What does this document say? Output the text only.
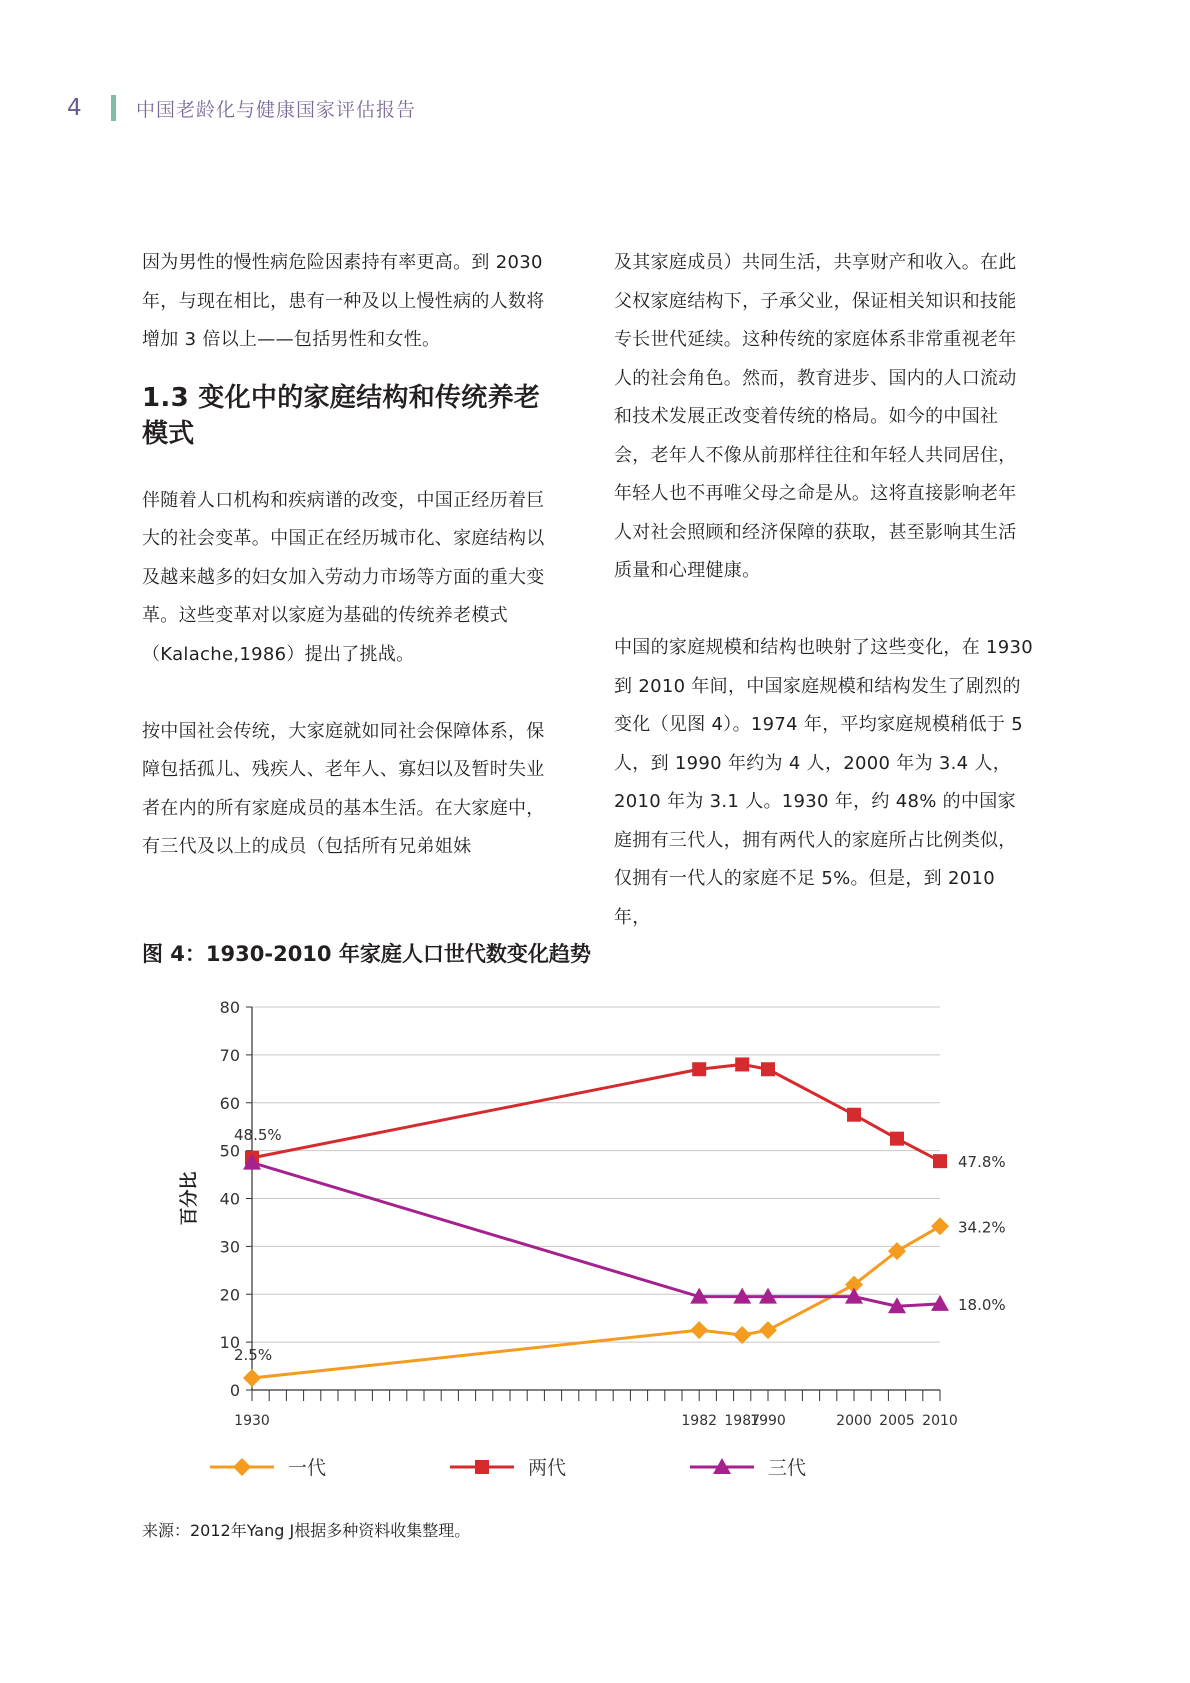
4	中国老龄化与健康国家评估报告

因为男性的慢性病危险因素持有率更高。到 2030 年，与现在相比，患有一种及以上慢性病的人数将增加 3 倍以上——包括男性和女性。

1.3 变化中的家庭结构和传统养老模式

伴随着人口机构和疾病谱的改变，中国正经历着巨大的社会变革。中国正在经历城市化、家庭结构以及越来越多的妇女加入劳动力市场等方面的重大变革。这些变革对以家庭为基础的传统养老模式（Kalache,1986）提出了挑战。

按中国社会传统，大家庭就如同社会保障体系，保障包括孤儿、残疾人、老年人、寡妇以及暂时失业者在内的所有家庭成员的基本生活。在大家庭中，有三代及以上的成员（包括所有兄弟姐妹

及其家庭成员）共同生活，共享财产和收入。在此父权家庭结构下，子承父业，保证相关知识和技能专长世代延续。这种传统的家庭体系非常重视老年人的社会角色。然而，教育进步、国内的人口流动和技术发展正改变着传统的格局。如今的中国社会，老年人不像从前那样往往和年轻人共同居住，年轻人也不再唯父母之命是从。这将直接影响老年人对社会照顾和经济保障的获取，甚至影响其生活质量和心理健康。

中国的家庭规模和结构也映射了这些变化，在 1930 到 2010 年间，中国家庭规模和结构发生了剧烈的变化（见图 4）。1974 年，平均家庭规模稍低于 5 人，到 1990 年约为 4 人，2000 年为 3.4 人，2010 年为 3.1 人。1930 年，约 48% 的中国家庭拥有三代人，拥有两代人的家庭所占比例类似，仅拥有一代人的家庭不足 5%。但是，到 2010 年，

图 4：1930-2010 年家庭人口世代数变化趋势
0
10
20
30
40
50
60
70
80
1930	1982 1987
1990	2000 2005 2010
百分比
48.5%
2.5%
47.8%
34.2%
18.0%
一代	两代	三代
来源：2012年Yang J根据多种资料收集整理。
